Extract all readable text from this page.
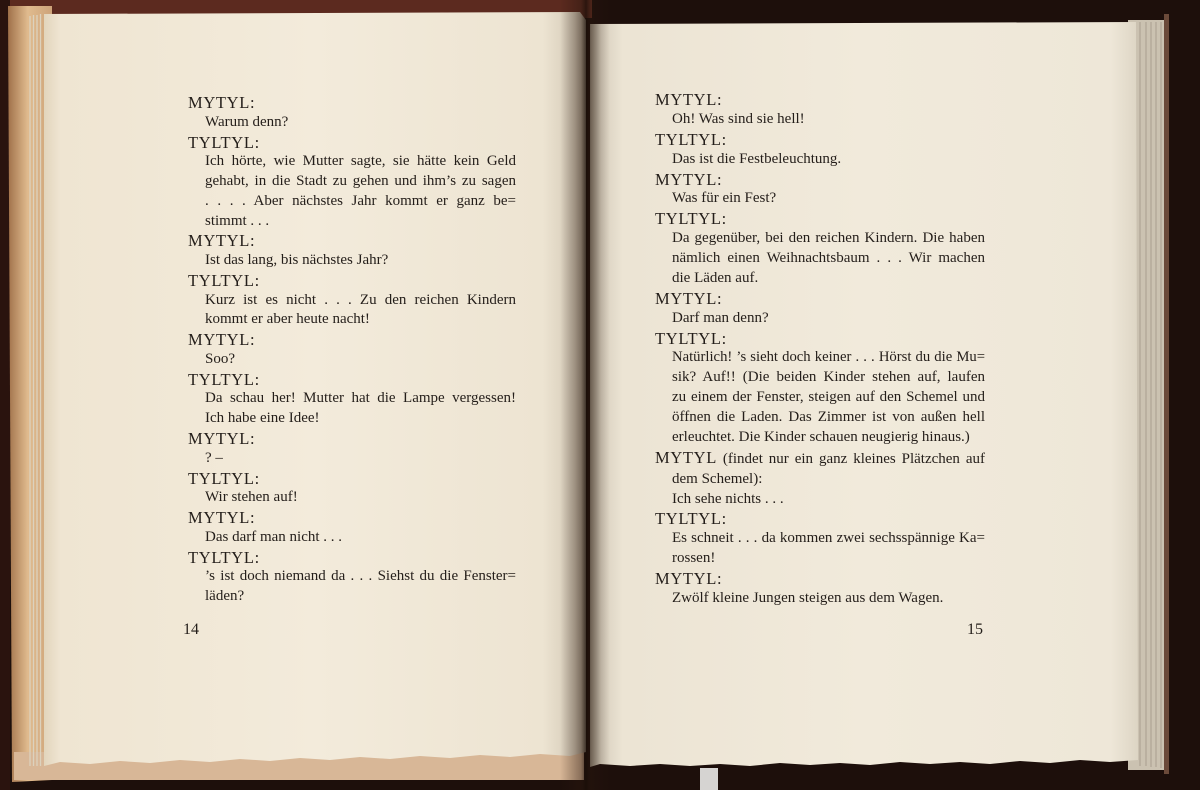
MYTYL:
Warum denn?
TYLTYL:
Ich hörte, wie Mutter sagte, sie hätte kein Geld
gehabt, in die Stadt zu gehen und ihm’s zu sagen
. . . . Aber nächstes Jahr kommt er ganz be=
stimmt . . .
MYTYL:
Ist das lang, bis nächstes Jahr?
TYLTYL:
Kurz ist es nicht . . . Zu den reichen Kindern
kommt er aber heute nacht!
MYTYL:
Soo?
TYLTYL:
Da schau her! Mutter hat die Lampe vergessen!
Ich habe eine Idee!
MYTYL:
? –
TYLTYL:
Wir stehen auf!
MYTYL:
Das darf man nicht . . .
TYLTYL:
’s ist doch niemand da . . . Siehst du die Fenster=
läden?
14
MYTYL:
Oh! Was sind sie hell!
TYLTYL:
Das ist die Festbeleuchtung.
MYTYL:
Was für ein Fest?
TYLTYL:
Da gegenüber, bei den reichen Kindern. Die haben
nämlich einen Weihnachtsbaum . . . Wir machen
die Läden auf.
MYTYL:
Darf man denn?
TYLTYL:
Natürlich! ’s sieht doch keiner . . . Hörst du die Mu=
sik? Auf!! (Die beiden Kinder stehen auf, laufen
zu einem der Fenster, steigen auf den Schemel und
öffnen die Laden. Das Zimmer ist von außen hell
erleuchtet. Die Kinder schauen neugierig hinaus.)
MYTYL (findet nur ein ganz kleines Plätzchen auf
dem Schemel):
Ich sehe nichts . . .
TYLTYL:
Es schneit . . . da kommen zwei sechsspännige Ka=
rossen!
MYTYL:
Zwölf kleine Jungen steigen aus dem Wagen.
15
